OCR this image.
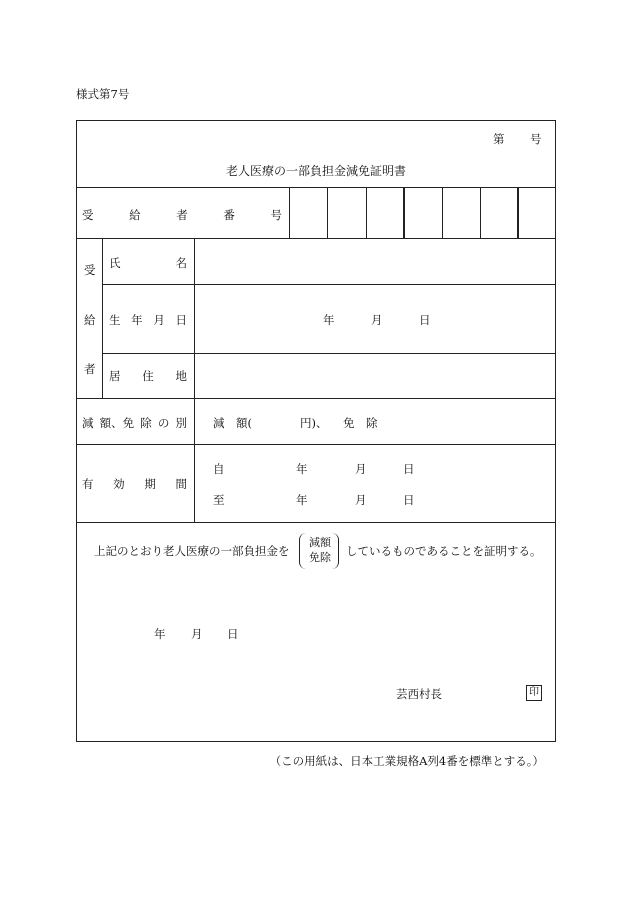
様式第7号
第 号
老人医療の一部負担金減免証明書
受	給	者	番	号
受
給
者
氏	名
生 年 月 日	年	月	日
居 住 地
減 額、免 除 の 別 減　額(	円)、 免　除
有 効 期 間
自	年	月	日
至	年	月	日
上記のとおり老人医療の一部負担金を
減額
免除	しているものであることを証明する。
年 月 日
芸西村長	印
（この用紙は、日本工業規格A列4番を標準とする。）
